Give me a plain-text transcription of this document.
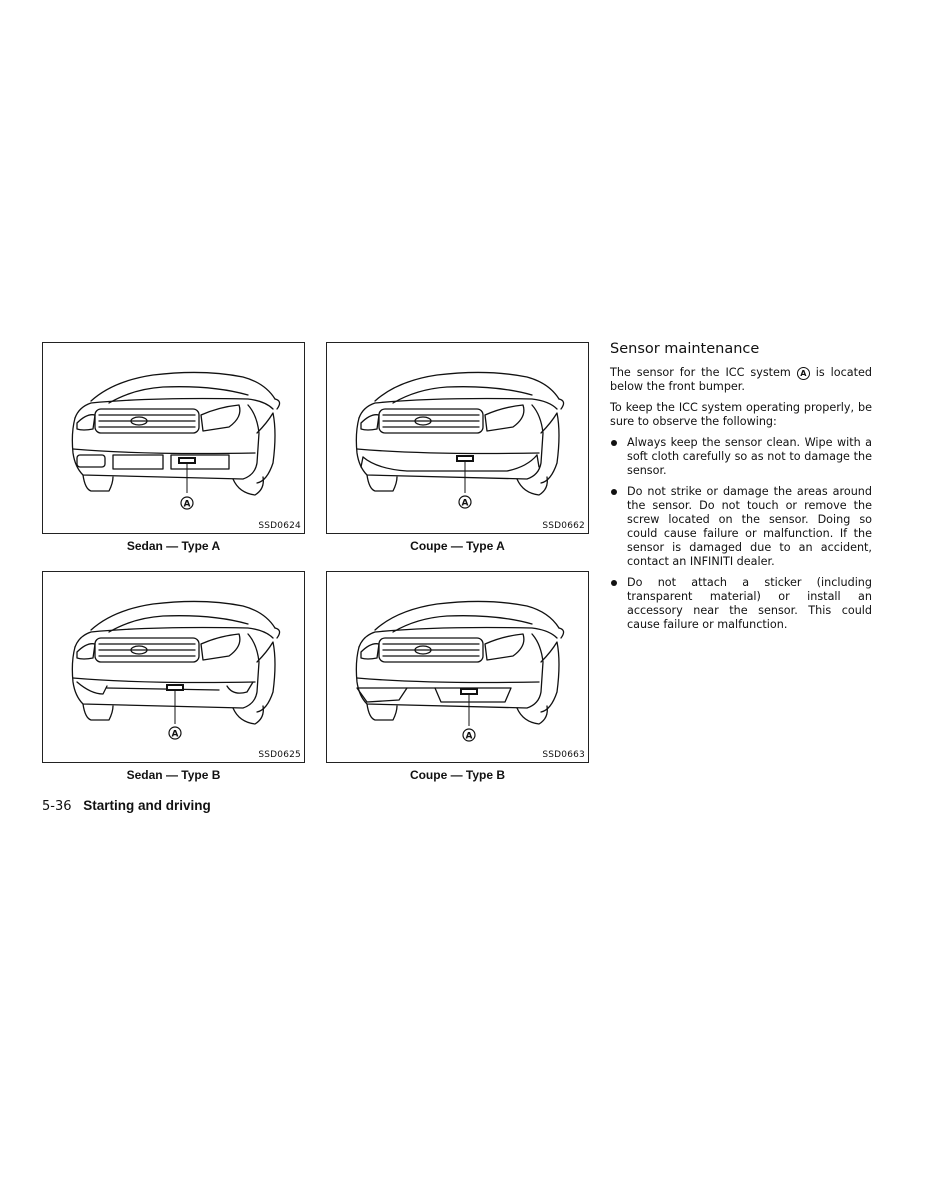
A
SSD0624
Sedan — Type A
A
SSD0662
Coupe — Type A
A
SSD0625
Sedan — Type B
A
SSD0663
Coupe — Type B
Sensor maintenance

The sensor for the ICC system A is located below the front bumper.

To keep the ICC system operating properly, be sure to observe the following:

Always keep the sensor clean. Wipe with a soft cloth carefully so as not to damage the sensor.
Do not strike or damage the areas around the sensor. Do not touch or remove the screw located on the sensor. Doing so could cause failure or malfunction. If the sensor is damaged due to an accident, contact an INFINITI dealer.
Do not attach a sticker (including transparent material) or install an accessory near the sensor. This could cause failure or malfunction.
5-36 Starting and driving
